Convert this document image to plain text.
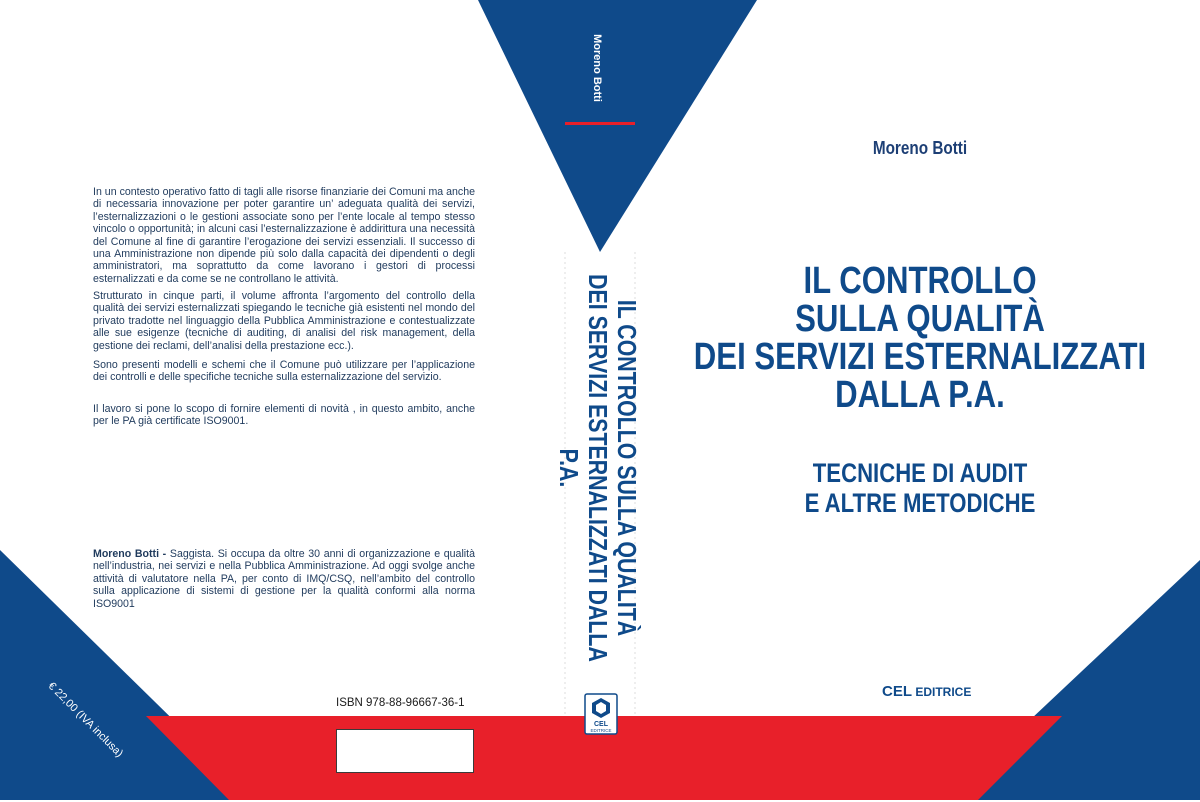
In un contesto operativo fatto di tagli alle risorse finanziarie dei Comuni ma anche di necessaria innovazione per poter garantire un’ adeguata qualità dei servizi, l’esternalizzazioni o le gestioni associate sono per l’ente locale al tempo stesso vincolo o opportunità; in alcuni casi l’esternalizzazione è addirittura una necessità del Comune al fine di garantire l’erogazione dei servizi essenziali. Il successo di una Amministrazione non dipende più solo dalla capacità dei dipendenti o degli amministratori, ma soprattutto da come lavorano i gestori di processi esternalizzati e da come se ne controllano le attività.

Strutturato in cinque parti, il volume affronta l’argomento del controllo della qualità dei servizi esternalizzati spiegando le tecniche già esistenti nel mondo del privato tradotte nel linguaggio della Pubblica Amministrazione e contestualizzate alle sue esigenze (tecniche di auditing, di analisi del risk management, della gestione dei reclami, dell’analisi della prestazione ecc.).

Sono presenti modelli e schemi che il Comune può utilizzare per l’applicazione dei controlli e delle specifiche tecniche sulla esternalizzazione del servizio.

Il lavoro si pone lo scopo di fornire elementi di novità , in questo ambito, anche per le PA già certificate ISO9001.

Moreno Botti - Saggista. Si occupa da oltre 30 anni di organizzazione e qualità nell’industria, nei servizi e nella Pubblica Amministrazione. Ad oggi svolge anche attività di valutatore nella PA, per conto di IMQ/CSQ, nell’ambito del controllo sulla applicazione di sistemi di gestione per la qualità conformi alla norma ISO9001

ISBN 978-88-96667-36-1
€ 22,00 (IVA inclusa)
Moreno Botti
IL CONTROLLO SULLA QUALITÀ
DEI SERVIZI ESTERNALIZZATI DALLA P.A.
CEL
EDITRICE
Moreno Botti
IL CONTROLLO
SULLA QUALITÀ
DEI SERVIZI ESTERNALIZZATI
DALLA P.A.
TECNICHE DI AUDIT
E ALTRE METODICHE
CEL EDITRICE
